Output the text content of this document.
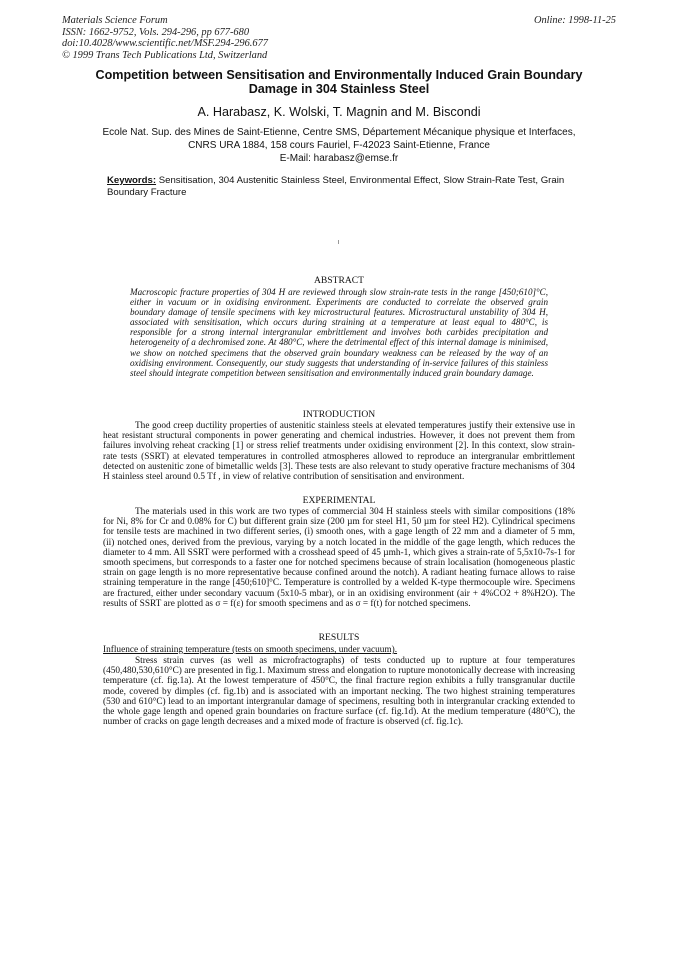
Materials Science Forum
ISSN: 1662-9752, Vols. 294-296, pp 677-680
doi:10.4028/www.scientific.net/MSF.294-296.677
© 1999 Trans Tech Publications Ltd, Switzerland
Online: 1998-11-25
Competition between Sensitisation and Environmentally Induced Grain Boundary Damage in 304 Stainless Steel
A. Harabasz, K. Wolski, T. Magnin and M. Biscondi
Ecole Nat. Sup. des Mines de Saint-Etienne, Centre SMS, Département Mécanique physique et Interfaces, CNRS URA 1884, 158 cours Fauriel, F-42023 Saint-Etienne, France
E-Mail: harabasz@emse.fr
Keywords: Sensitisation, 304 Austenitic Stainless Steel, Environmental Effect, Slow Strain-Rate Test, Grain Boundary Fracture
ABSTRACT
Macroscopic fracture properties of 304 H are reviewed through slow strain-rate tests in the range [450;610]°C, either in vacuum or in oxidising environment. Experiments are conducted to correlate the observed grain boundary damage of tensile specimens with key microstructural features. Microstructural unstability of 304 H, associated with sensitisation, which occurs during straining at a temperature at least equal to 480°C, is responsible for a strong internal intergranular embrittlement and involves both carbides precipitation and heterogeneity of a dechromised zone. At 480°C, where the detrimental effect of this internal damage is minimised, we show on notched specimens that the observed grain boundary weakness can be released by the way of an oxidising environment. Consequently, our study suggests that understanding of in-service failures of this stainless steel should integrate competition between sensitisation and environmentally induced grain boundary damage.
INTRODUCTION
The good creep ductility properties of austenitic stainless steels at elevated temperatures justify their extensive use in heat resistant structural components in power generating and chemical industries. However, it does not prevent them from failures involving reheat cracking [1] or stress relief treatments under oxidising environment [2]. In this context, slow strain-rate tests (SSRT) at elevated temperatures in controlled atmospheres allowed to reproduce an intergranular embrittlement detected on austenitic zone of bimetallic welds [3]. These tests are also relevant to study operative fracture mechanisms of 304 H stainless steel around 0.5 Tf , in view of relative contribution of sensitisation and environment.
EXPERIMENTAL
The materials used in this work are two types of commercial 304 H stainless steels with similar compositions (18% for Ni, 8% for Cr and 0.08% for C) but different grain size (200 µm for steel H1, 50 µm for steel H2). Cylindrical specimens for tensile tests are machined in two different series, (i) smooth ones, with a gage length of 22 mm and a diameter of 5 mm, (ii) notched ones, derived from the previous, varying by a notch located in the middle of the gage length, which reduces the diameter to 4 mm. All SSRT were performed with a crosshead speed of 45 µmh-1, which gives a strain-rate of 5,5x10-7s-1 for smooth specimens, but corresponds to a faster one for notched specimens because of strain localisation (homogeneous plastic strain on gage length is no more representative because confined around the notch). A radiant heating furnace allows to raise straining temperature in the range [450;610]°C. Temperature is controlled by a welded K-type thermocouple wire. Specimens are fractured, either under secondary vacuum (5x10-5 mbar), or in an oxidising environment (air + 4%CO2 + 8%H2O). The results of SSRT are plotted as σ = f(ε) for smooth specimens and as σ = f(t) for notched specimens.
RESULTS
Influence of straining temperature (tests on smooth specimens, under vacuum).
Stress strain curves (as well as microfractographs) of tests conducted up to rupture at four temperatures (450,480,530,610°C) are presented in fig.1. Maximum stress and elongation to rupture monotonically decrease with increasing temperature (cf. fig.1a). At the lowest temperature of 450°C, the final fracture region exhibits a fully transgranular ductile mode, covered by dimples (cf. fig.1b) and is associated with an important necking. The two highest straining temperatures (530 and 610°C) lead to an important intergranular damage of specimens, resulting both in intergranular cracking extended to the whole gage length and opened grain boundaries on fracture surface (cf. fig.1d). At the medium temperature (480°C), the number of cracks on gage length decreases and a mixed mode of fracture is observed (cf. fig.1c).
